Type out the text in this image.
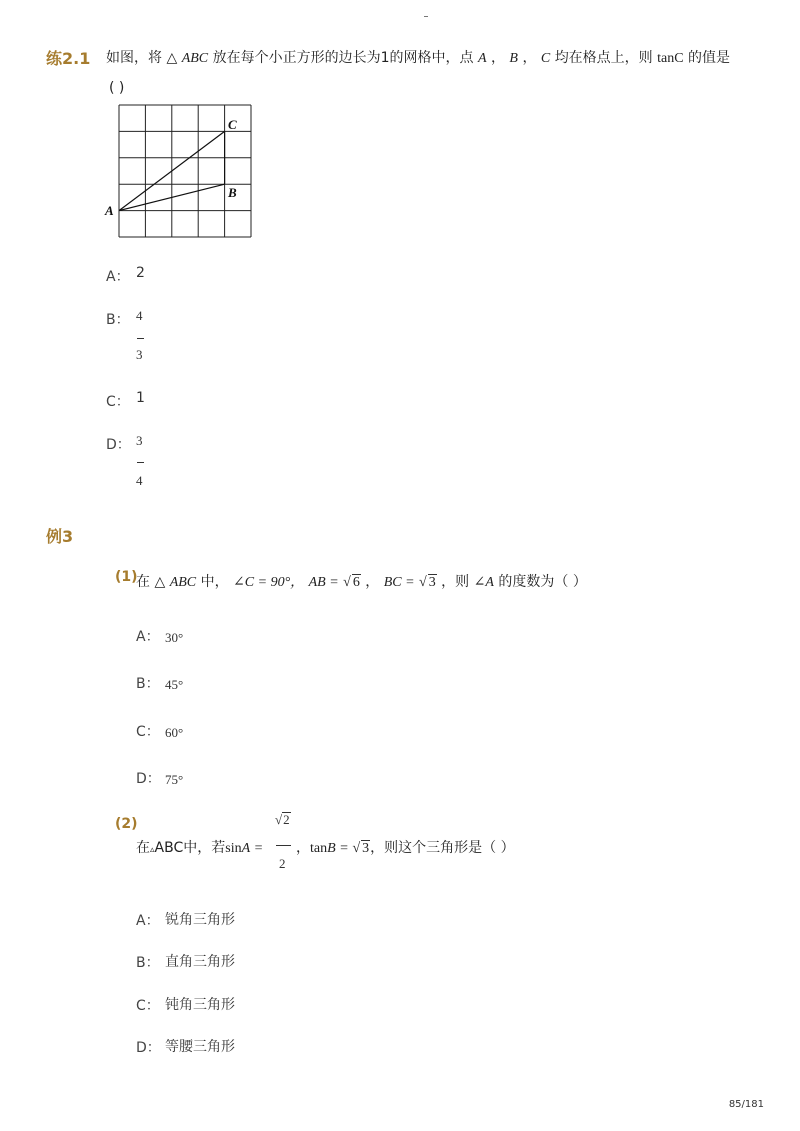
练2.1 如图，将 △ ABC 放在每个小正方形的边长为1的网格中，点 A ， B ， C 均在格点上，则 tanC 的值是
( )
A
B
C
A： 2
B： 4
3
C： 1
D： 3
4
例3
(1)
在 △ ABC 中， ∠C = 90°， AB = √ 6 ， BC = √ 3 ，则 ∠A 的度数为（ ）
A： 30°
B： 45°
C： 60°
D： 75°
(2)
在▵ABC中，若sinA =
√2
2
，tanB = √ 3，则这个三角形是（ ）
A： 锐角三角形
B： 直角三角形
C： 钝角三角形
D： 等腰三角形
85/181
